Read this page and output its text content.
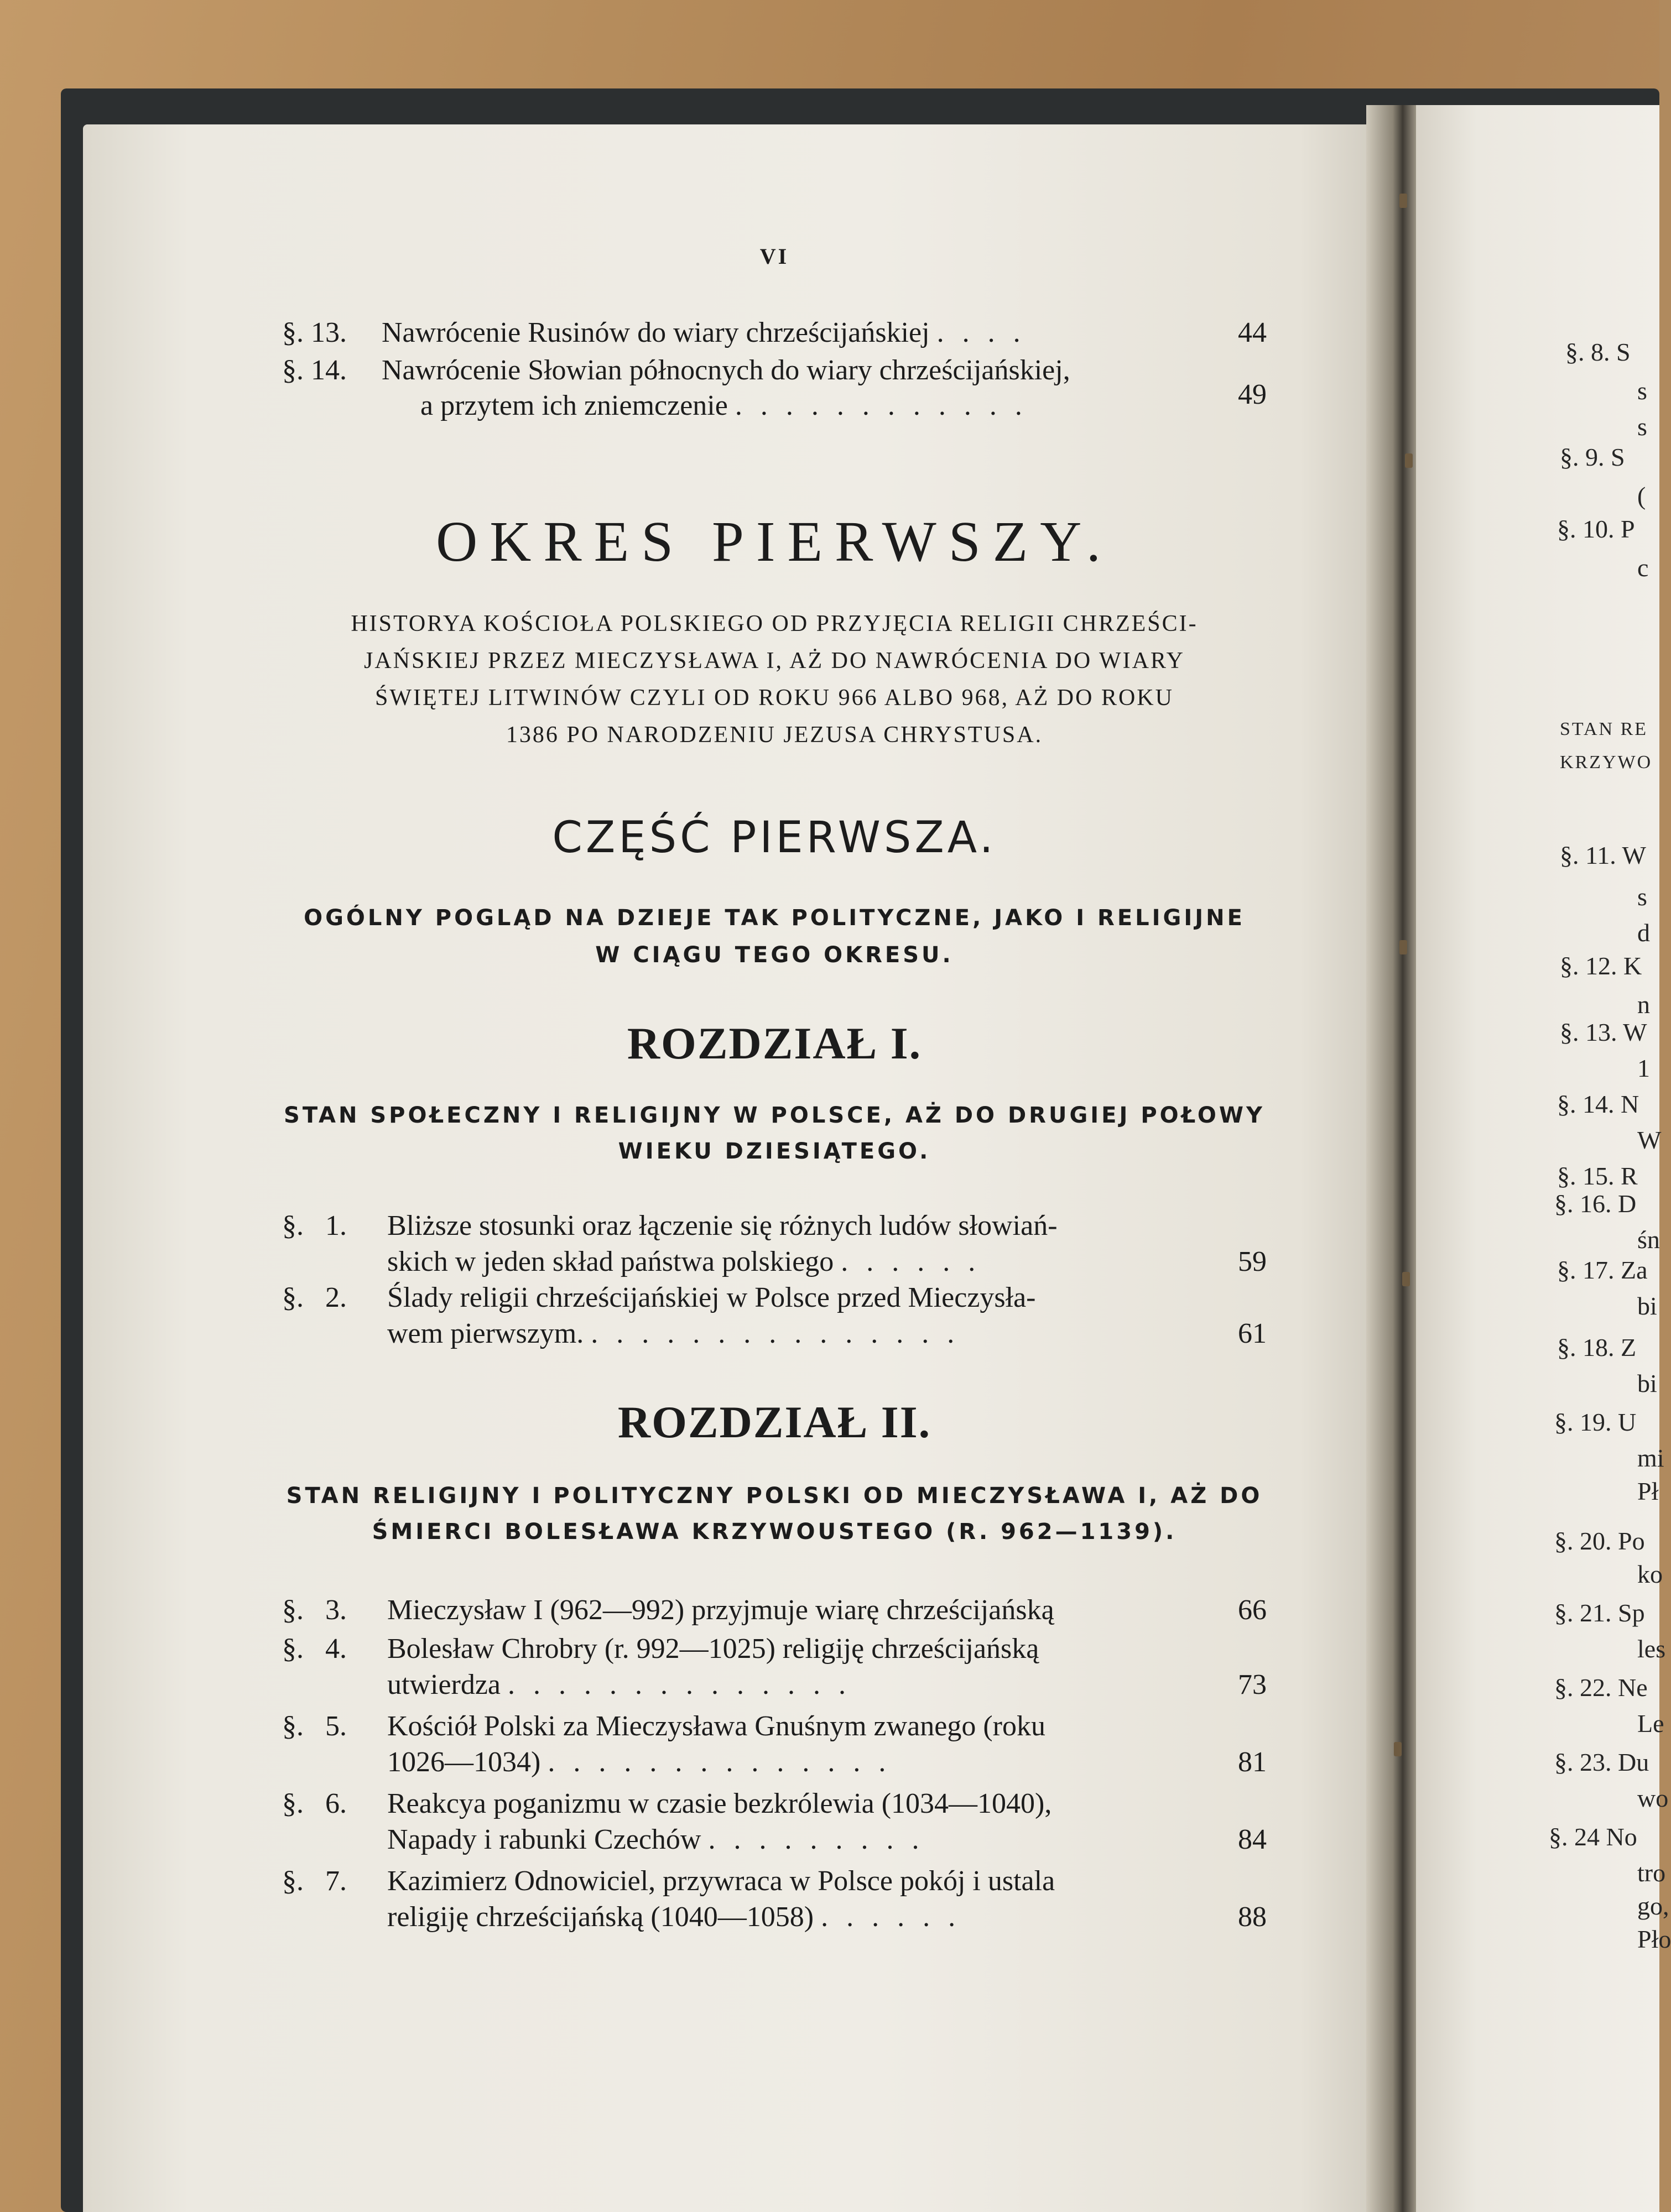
VI
§. 13.	Nawrócenie Rusinów do wiary chrześcijańskiej . . . .	44
§. 14.	Nawrócenie Słowian północnych do wiary chrześcijańskiej,
a przytem ich zniemczenie . . . . . . . . . . . .	49
OKRES PIERWSZY.
HISTORYA KOŚCIOŁA POLSKIEGO OD PRZYJĘCIA RELIGII CHRZEŚCI-
JAŃSKIEJ PRZEZ MIECZYSŁAWA I, AŻ DO NAWRÓCENIA DO WIARY
ŚWIĘTEJ LITWINÓW CZYLI OD ROKU 966 ALBO 968, AŻ DO ROKU
1386 PO NARODZENIU JEZUSA CHRYSTUSA.
CZĘŚĆ PIERWSZA.
OGÓLNY POGLĄD NA DZIEJE TAK POLITYCZNE, JAKO I RELIGIJNE
W CIĄGU TEGO OKRESU.
ROZDZIAŁ I.
STAN SPOŁECZNY I RELIGIJNY W POLSCE, AŻ DO DRUGIEJ POŁOWY
WIEKU DZIESIĄTEGO.
§. 1.	Bliższe stosunki oraz łączenie się różnych ludów słowiań-
skich w jeden skład państwa polskiego . . . . . .	59
§. 2.	Ślady religii chrześcijańskiej w Polsce przed Mieczysła-
wem pierwszym. . . . . . . . . . . . . . . .	61
ROZDZIAŁ II.
STAN RELIGIJNY I POLITYCZNY POLSKI OD MIECZYSŁAWA I, AŻ DO
ŚMIERCI BOLESŁAWA KRZYWOUSTEGO (R. 962—1139).
§. 3.	Mieczysław I (962—992) przyjmuje wiarę chrześcijańską	66
§. 4.	Bolesław Chrobry (r. 992—1025) religiję chrześcijańską
utwierdza . . . . . . . . . . . . . .	73
§. 5.	Kościół Polski za Mieczysława Gnuśnym zwanego (roku
1026—1034) . . . . . . . . . . . . . .	81
§. 6.	Reakcya poganizmu w czasie bezkrólewia (1034—1040),
Napady i rabunki Czechów . . . . . . . . .	84
§. 7.	Kazimierz Odnowiciel, przywraca w Polsce pokój i ustala
religiję chrześcijańską (1040—1058) . . . . . .	88
§. 8. S
s
s
§. 9. S
(
§. 10. P
c
STAN RE
KRZYWO
§. 11. W
s
d
§. 12. K
n
§. 13. W
1
§. 14. N
W
§. 15. R
§. 16. D
śn
§. 17. Za
bi
§. 18. Z
bi
§. 19. U
mi
Pł
§. 20. Po
ko
§. 21. Sp
les
§. 22. Ne
Le
§. 23. Du
wo
§. 24 No
tro
go,
Pło
